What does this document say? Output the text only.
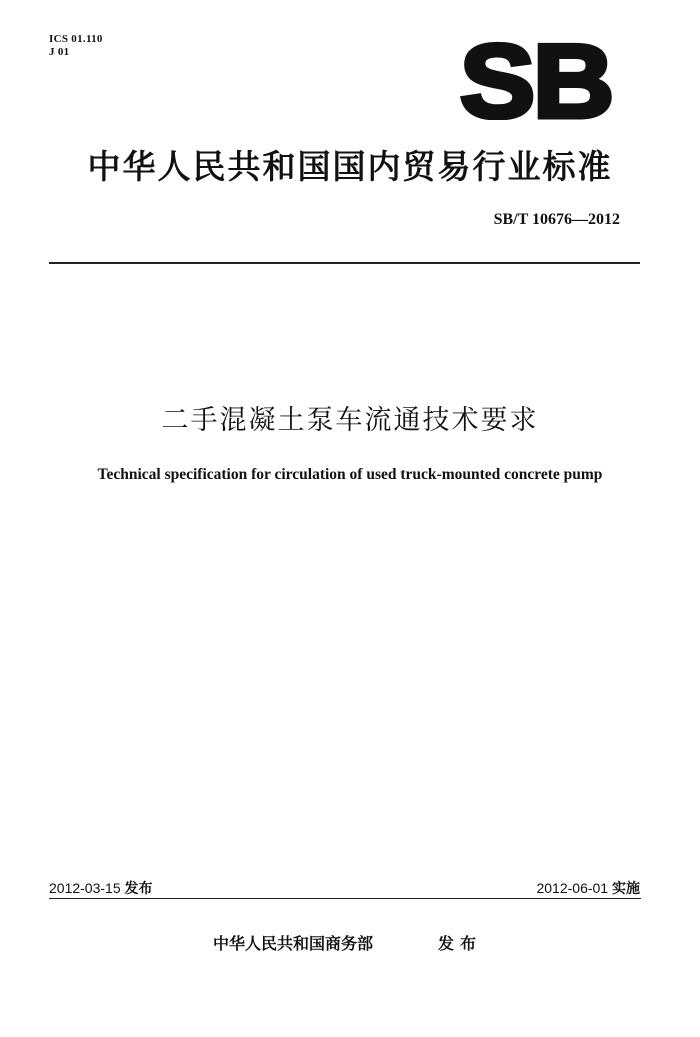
ICS 01.110
J 01	SB
中华人民共和国国内贸易行业标准
SB/T 10676—2012
二手混凝土泵车流通技术要求
Technical specification for circulation of used truck-mounted concrete pump
2012-03-15 发布	2012-06-01 实施
中华人民共和国商务部	发布
